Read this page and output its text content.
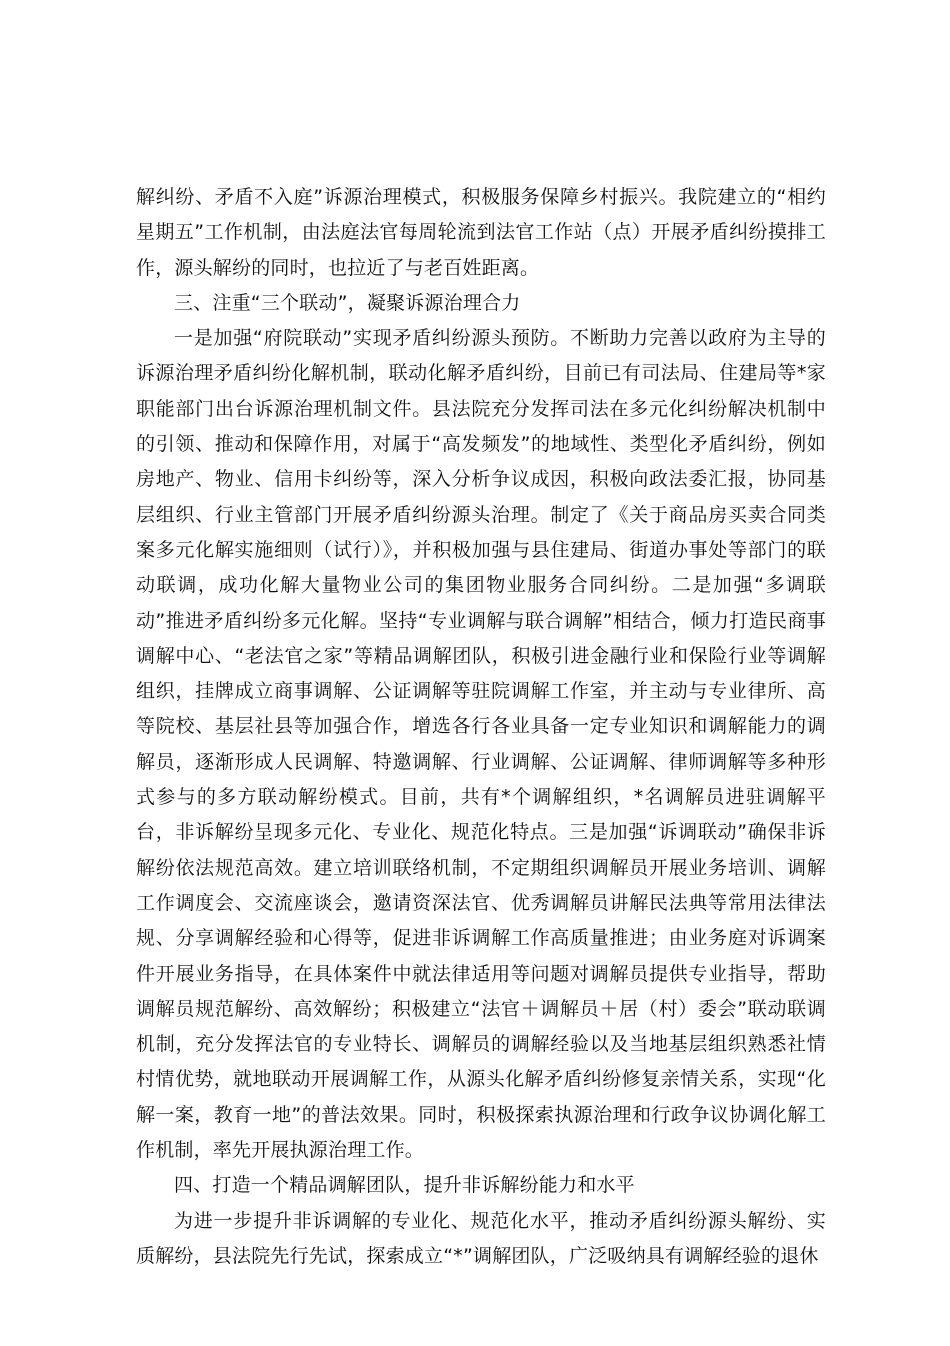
解纠纷、矛盾不入庭”诉源治理模式，积极服务保障乡村振兴。我院建立的“相约星期五”工作机制，由法庭法官每周轮流到法官工作站（点）开展矛盾纠纷摸排工作，源头解纷的同时，也拉近了与老百姓距离。

三、注重“三个联动”，凝聚诉源治理合力

一是加强“府院联动”实现矛盾纠纷源头预防。不断助力完善以政府为主导的诉源治理矛盾纠纷化解机制，联动化解矛盾纠纷，目前已有司法局、住建局等*家职能部门出台诉源治理机制文件。县法院充分发挥司法在多元化纠纷解决机制中的引领、推动和保障作用，对属于“高发频发”的地域性、类型化矛盾纠纷，例如房地产、物业、信用卡纠纷等，深入分析争议成因，积极向政法委汇报，协同基层组织、行业主管部门开展矛盾纠纷源头治理。制定了《关于商品房买卖合同类案多元化解实施细则（试行）》，并积极加强与县住建局、街道办事处等部门的联动联调，成功化解大量物业公司的集团物业服务合同纠纷。二是加强“多调联动”推进矛盾纠纷多元化解。坚持“专业调解与联合调解”相结合，倾力打造民商事调解中心、“老法官之家”等精品调解团队，积极引进金融行业和保险行业等调解组织，挂牌成立商事调解、公证调解等驻院调解工作室，并主动与专业律所、高等院校、基层社县等加强合作，增选各行各业具备一定专业知识和调解能力的调解员，逐渐形成人民调解、特邀调解、行业调解、公证调解、律师调解等多种形式参与的多方联动解纷模式。目前，共有*个调解组织，*名调解员进驻调解平台，非诉解纷呈现多元化、专业化、规范化特点。三是加强“诉调联动”确保非诉解纷依法规范高效。建立培训联络机制，不定期组织调解员开展业务培训、调解工作调度会、交流座谈会，邀请资深法官、优秀调解员讲解民法典等常用法律法规、分享调解经验和心得等，促进非诉调解工作高质量推进；由业务庭对诉调案件开展业务指导，在具体案件中就法律适用等问题对调解员提供专业指导，帮助调解员规范解纷、高效解纷；积极建立“法官＋调解员＋居（村）委会”联动联调机制，充分发挥法官的专业特长、调解员的调解经验以及当地基层组织熟悉社情村情优势，就地联动开展调解工作，从源头化解矛盾纠纷修复亲情关系，实现“化解一案，教育一地”的普法效果。同时，积极探索执源治理和行政争议协调化解工作机制，率先开展执源治理工作。

四、打造一个精品调解团队，提升非诉解纷能力和水平

为进一步提升非诉调解的专业化、规范化水平，推动矛盾纠纷源头解纷、实质解纷，县法院先行先试，探索成立“*”调解团队，广泛吸纳具有调解经验的退休
